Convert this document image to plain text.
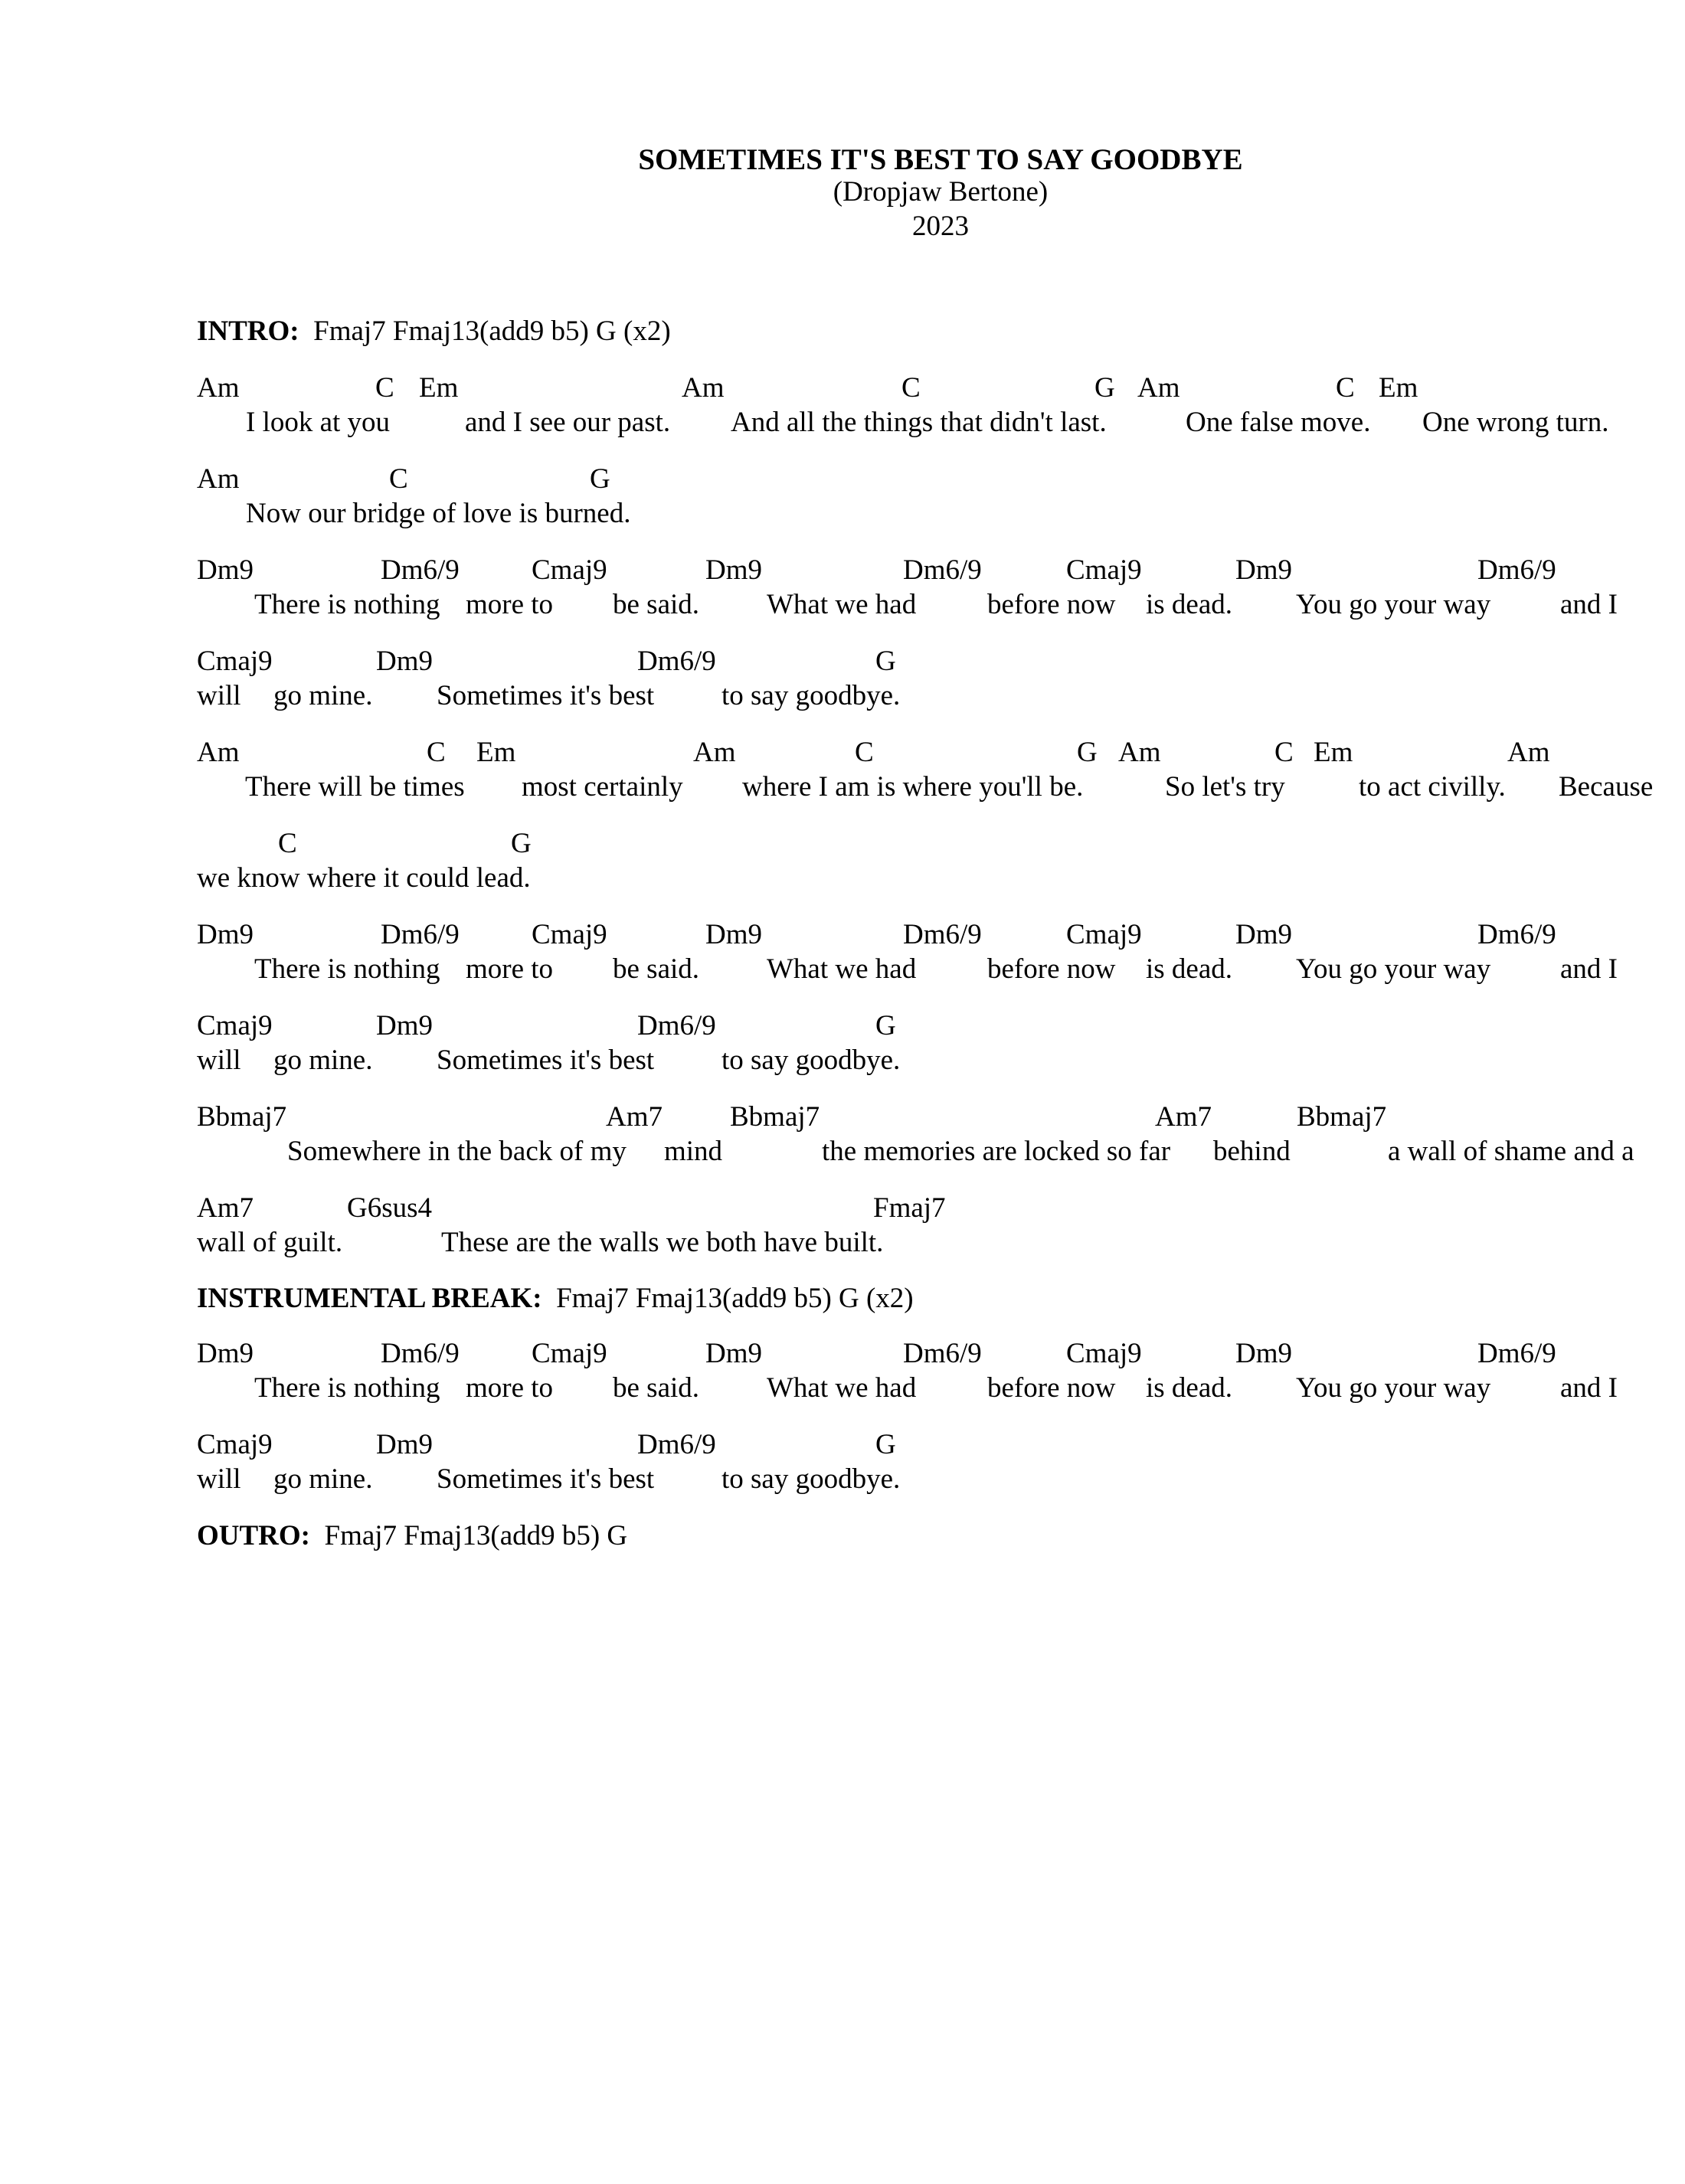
SOMETIMES IT'S BEST TO SAY GOODBYE
(Dropjaw Bertone)
2023
INTRO: Fmaj7 Fmaj13(add9 b5) G (x2)
Am	C Em	Am	C	G Am	C Em
I look at you	and I see our past. And all the things that didn't last.	One false move. One wrong turn.
Am	C	G
Now our bridge of love is burned.
Dm9	Dm6/9	Cmaj9	Dm9	Dm6/9	Cmaj9	Dm9	Dm6/9
There is nothing more to be said. What we had	before now is dead. You go your way and I
Cmaj9	Dm9	Dm6/9	G
will go mine. Sometimes it's best to say goodbye.
Am	C Em	Am	C	G Am	C Em	Am
There will be times most certainly where I am is where you'll be.	So let's try	to act civilly. Because
C	G
we know where it could lead.
Dm9	Dm6/9	Cmaj9	Dm9	Dm6/9	Cmaj9	Dm9	Dm6/9
There is nothing more to be said. What we had	before now is dead. You go your way and I
Cmaj9	Dm9	Dm6/9	G
will go mine. Sometimes it's best to say goodbye.
Bbmaj7	Am7 Bbmaj7	Am7	Bbmaj7
Somewhere in the back of my mind	the memories are locked so far behind	a wall of shame and a
Am7	G6sus4	Fmaj7
wall of guilt.	These are the walls we both have built.
INSTRUMENTAL BREAK: Fmaj7 Fmaj13(add9 b5) G (x2)
Dm9	Dm6/9	Cmaj9	Dm9	Dm6/9	Cmaj9	Dm9	Dm6/9
There is nothing more to be said. What we had	before now is dead. You go your way and I
Cmaj9	Dm9	Dm6/9	G
will go mine. Sometimes it's best to say goodbye.
OUTRO: Fmaj7 Fmaj13(add9 b5) G
